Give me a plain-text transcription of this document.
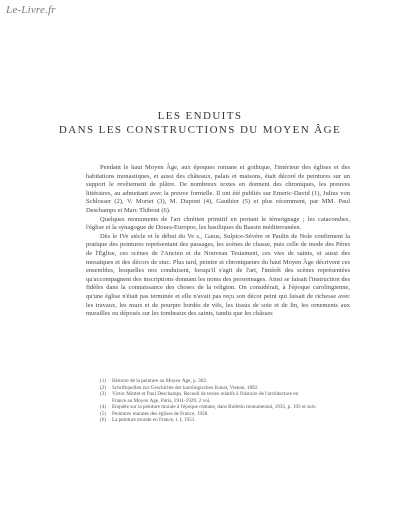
Le-Livre.fr
LES ENDUITS
DANS LES CONSTRUCTIONS DU MOYEN ÂGE

Pendant le haut Moyen Âge, aux époques romane et gothique, l'intérieur des églises et des habitations monastiques, et aussi des châteaux, palais et maisons, était décoré de peintures sur un support le revêtement de plâtre. De nombreux textes en donnent des chroniques, les preuves littéraires, au admettant avec la preuve formelle. Il ont été publiés sur Emeric-David (1), Julius von Schlosser (2), V. Mortet (3), M. Dupont (4), Gauthier (5) et plus récemment, par MM. Paul Deschamps et Marc Thibout (6).

Quelques monuments de l'art chrétien primitif en portant le témoignage ; les catacombes, l'église et la synagogue de Doura-Europos, les basiliques du Bassin méditerranéen.

Dès le IVe siècle et le début du Ve s., Gaius, Sulpice-Sévère et Paulin de Nole confirment la pratique des peintures représentant des passages, les scènes de chasse, puis celle de mode des Pères de l'Église, ces scènes de l'Ancien et du Nouveau Testament, ces vies de saints, et aussi des mosaïques et des décors de stuc. Plus tard, peintre et chroniqueurs du haut Moyen Âge décrivent ces ensembles, lesquelles nos conduisent, lorsqu'il s'agit de l'art, l'intérêt des scènes représentées qu'accompagnent des inscriptions donnant les noms des personnages. Ainsi se faisait l'instruction des fidèles dans la connaissance des choses de la religion. On considérait, à l'époque carolingienne, qu'une église n'était pas terminée et elle n'avait pas reçu son décor peint qui faisait de richesse avec les travaux, les murs et de pourpre bordés de vifs, les tissus de soie et de lin, les ornements aux murailles ou déposés sur les tombeaux des saints, tandis que les châsses

(1) Histoire de la peinture au Moyen Âge, p. 302.
(2) Schriftquellen zur Geschichte der karolingischen Kunst, Vienne, 1892.
(3) Victor Mortet et Paul Deschamps, Recueil de textes relatifs à l'histoire de l'architecture en
France au Moyen Âge, Paris, 1911-1929, 2 vol.
(4) Enquête sur la peinture murale à l'époque romane, dans Bulletin monumental, 1935, p. 193 et suiv.
(5) Peintures murales des églises de France, 1938.
(6) La peinture murale en France, t. I, 1951.
